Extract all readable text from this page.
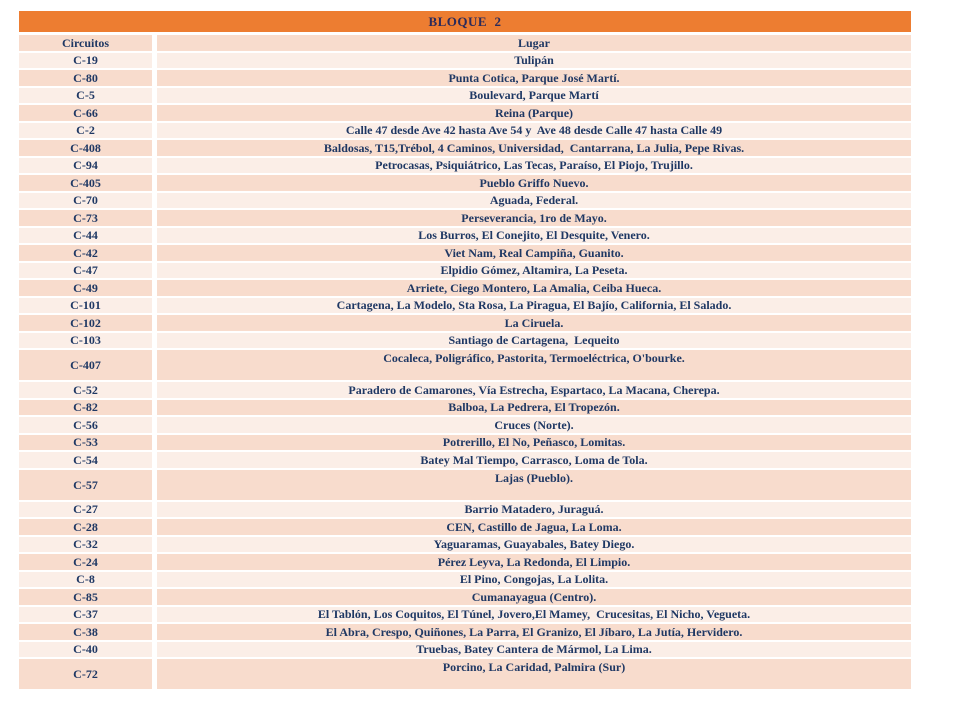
BLOQUE  2
Circuitos	Lugar
C-19	Tulipán
C-80	Punta Cotica, Parque José Martí.
C-5	Boulevard, Parque Martí
C-66	Reina (Parque)
C-2	Calle 47 desde Ave 42 hasta Ave 54 y  Ave 48 desde Calle 47 hasta Calle 49
C-408	Baldosas, T15,Trébol, 4 Caminos, Universidad,  Cantarrana, La Julia, Pepe Rivas.
C-94	Petrocasas, Psiquiátrico, Las Tecas, Paraíso, El Piojo, Trujillo.
C-405	Pueblo Griffo Nuevo.
C-70	Aguada, Federal.
C-73	Perseverancia, 1ro de Mayo.
C-44	Los Burros, El Conejito, El Desquite, Venero.
C-42	Viet Nam, Real Campiña, Guanito.
C-47	Elpidio Gómez, Altamira, La Peseta.
C-49	Arriete, Ciego Montero, La Amalia, Ceiba Hueca.
C-101	Cartagena, La Modelo, Sta Rosa, La Piragua, El Bajío, California, El Salado.
C-102	La Ciruela.
C-103	Santiago de Cartagena,  Lequeito
C-407	Cocaleca, Poligráfico, Pastorita, Termoeléctrica, O'bourke.
C-52	Paradero de Camarones, Vía Estrecha, Espartaco, La Macana, Cherepa.
C-82	Balboa, La Pedrera, El Tropezón.
C-56	Cruces (Norte).
C-53	Potrerillo, El No, Peñasco, Lomitas.
C-54	Batey Mal Tiempo, Carrasco, Loma de Tola.
C-57	Lajas (Pueblo).
C-27	Barrio Matadero, Juraguá.
C-28	CEN, Castillo de Jagua, La Loma.
C-32	Yaguaramas, Guayabales, Batey Diego.
C-24	Pérez Leyva, La Redonda, El Limpio.
C-8	El Pino, Congojas, La Lolita.
C-85	Cumanayagua (Centro).
C-37	El Tablón, Los Coquitos, El Túnel, Jovero,El Mamey,  Crucesitas, El Nicho, Vegueta.
C-38	El Abra, Crespo, Quiñones, La Parra, El Granizo, El Jíbaro, La Jutía, Hervidero.
C-40	Truebas, Batey Cantera de Mármol, La Lima.
C-72	Porcino, La Caridad, Palmira (Sur)
